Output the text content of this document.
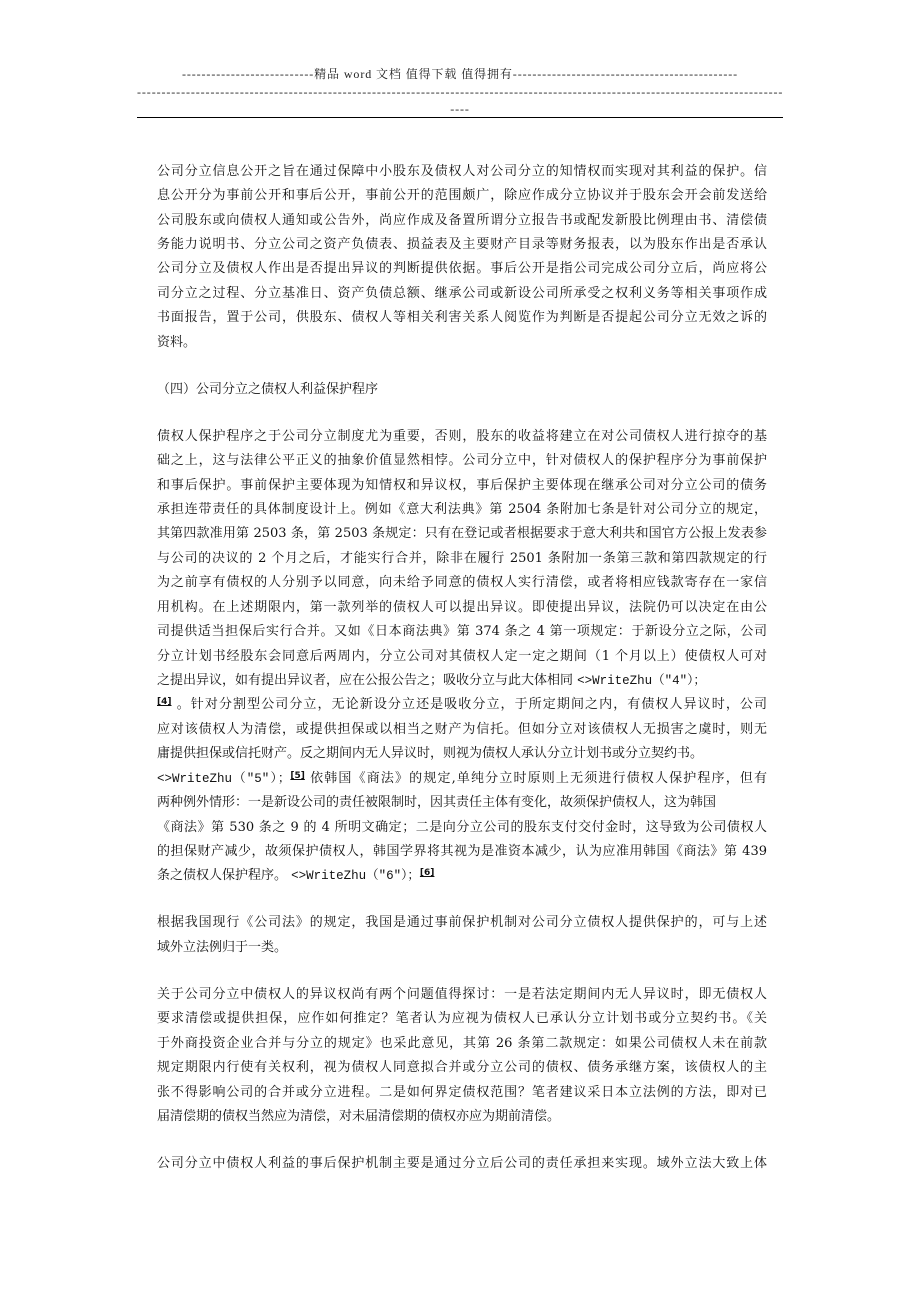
---------------------------精品 word 文档 值得下载 值得拥有----------------------------------------------
------------------------------------------------------------------------------------------------------------------------------------
----
公司分立信息公开之旨在通过保障中小股东及债权人对公司分立的知情权而实现对其利益的保护。信
息公开分为事前公开和事后公开，事前公开的范围颇广，除应作成分立协议并于股东会开会前发送给
公司股东或向债权人通知或公告外，尚应作成及备置所谓分立报告书或配发新股比例理由书、清偿债
务能力说明书、分立公司之资产负债表、损益表及主要财产目录等财务报表，以为股东作出是否承认
公司分立及债权人作出是否提出异议的判断提供依据。事后公开是指公司完成公司分立后，尚应将公
司分立之过程、分立基准日、资产负债总额、继承公司或新设公司所承受之权利义务等相关事项作成
书面报告，置于公司，供股东、债权人等相关利害关系人阅览作为判断是否提起公司分立无效之诉的
资料。
（四）公司分立之债权人利益保护程序
债权人保护程序之于公司分立制度尤为重要，否则，股东的收益将建立在对公司债权人进行掠夺的基
础之上，这与法律公平正义的抽象价值显然相悖。公司分立中，针对债权人的保护程序分为事前保护
和事后保护。事前保护主要体现为知情权和异议权，事后保护主要体现在继承公司对分立公司的债务
承担连带责任的具体制度设计上。例如《意大利法典》第 2504 条附加七条是针对公司分立的规定，
其第四款准用第 2503 条，第 2503 条规定：只有在登记或者根据要求于意大利共和国官方公报上发表参
与公司的决议的 2 个月之后，才能实行合并，除非在履行 2501 条附加一条第三款和第四款规定的行
为之前享有债权的人分别予以同意，向未给予同意的债权人实行清偿，或者将相应钱款寄存在一家信
用机构。在上述期限内，第一款列举的债权人可以提出异议。即使提出异议，法院仍可以决定在由公
司提供适当担保后实行合并。又如《日本商法典》第 374 条之 4 第一项规定：于新设分立之际，公司
分立计划书经股东会同意后两周内，分立公司对其债权人定一定之期间（1 个月以上）使债权人可对
之提出异议，如有提出异议者，应在公报公告之；吸收分立与此大体相同 <>WriteZhu（"4"）；
[4] 。针对分割型公司分立，无论新设分立还是吸收分立，于所定期间之内，有债权人异议时，公司
应对该债权人为清偿，或提供担保或以相当之财产为信托。但如分立对该债权人无损害之虞时，则无
庸提供担保或信托财产。反之期间内无人异议时，则视为债权人承认分立计划书或分立契约书。
<>WriteZhu（"5"）；[5] 依韩国《商法》的规定,单纯分立时原则上无须进行债权人保护程序，但有
两种例外情形：一是新设公司的责任被限制时，因其责任主体有变化，故须保护债权人，这为韩国
《商法》第 530 条之 9 的 4 所明文确定；二是向分立公司的股东支付交付金时，这导致为公司债权人
的担保财产减少，故须保护债权人，韩国学界将其视为是准资本减少，认为应准用韩国《商法》第 439
条之债权人保护程序。 <>WriteZhu（"6"）；[6]
根据我国现行《公司法》的规定，我国是通过事前保护机制对公司分立债权人提供保护的，可与上述
域外立法例归于一类。
关于公司分立中债权人的异议权尚有两个问题值得探讨：一是若法定期间内无人异议时，即无债权人
要求清偿或提供担保，应作如何推定？笔者认为应视为债权人已承认分立计划书或分立契约书。《关
于外商投资企业合并与分立的规定》也采此意见，其第 26 条第二款规定：如果公司债权人未在前款
规定期限内行使有关权利，视为债权人同意拟合并或分立公司的债权、债务承继方案，该债权人的主
张不得影响公司的合并或分立进程。二是如何界定债权范围？笔者建议采日本立法例的方法，即对已
届清偿期的债权当然应为清偿，对未届清偿期的债权亦应为期前清偿。
公司分立中债权人利益的事后保护机制主要是通过分立后公司的责任承担来实现。域外立法大致上体
